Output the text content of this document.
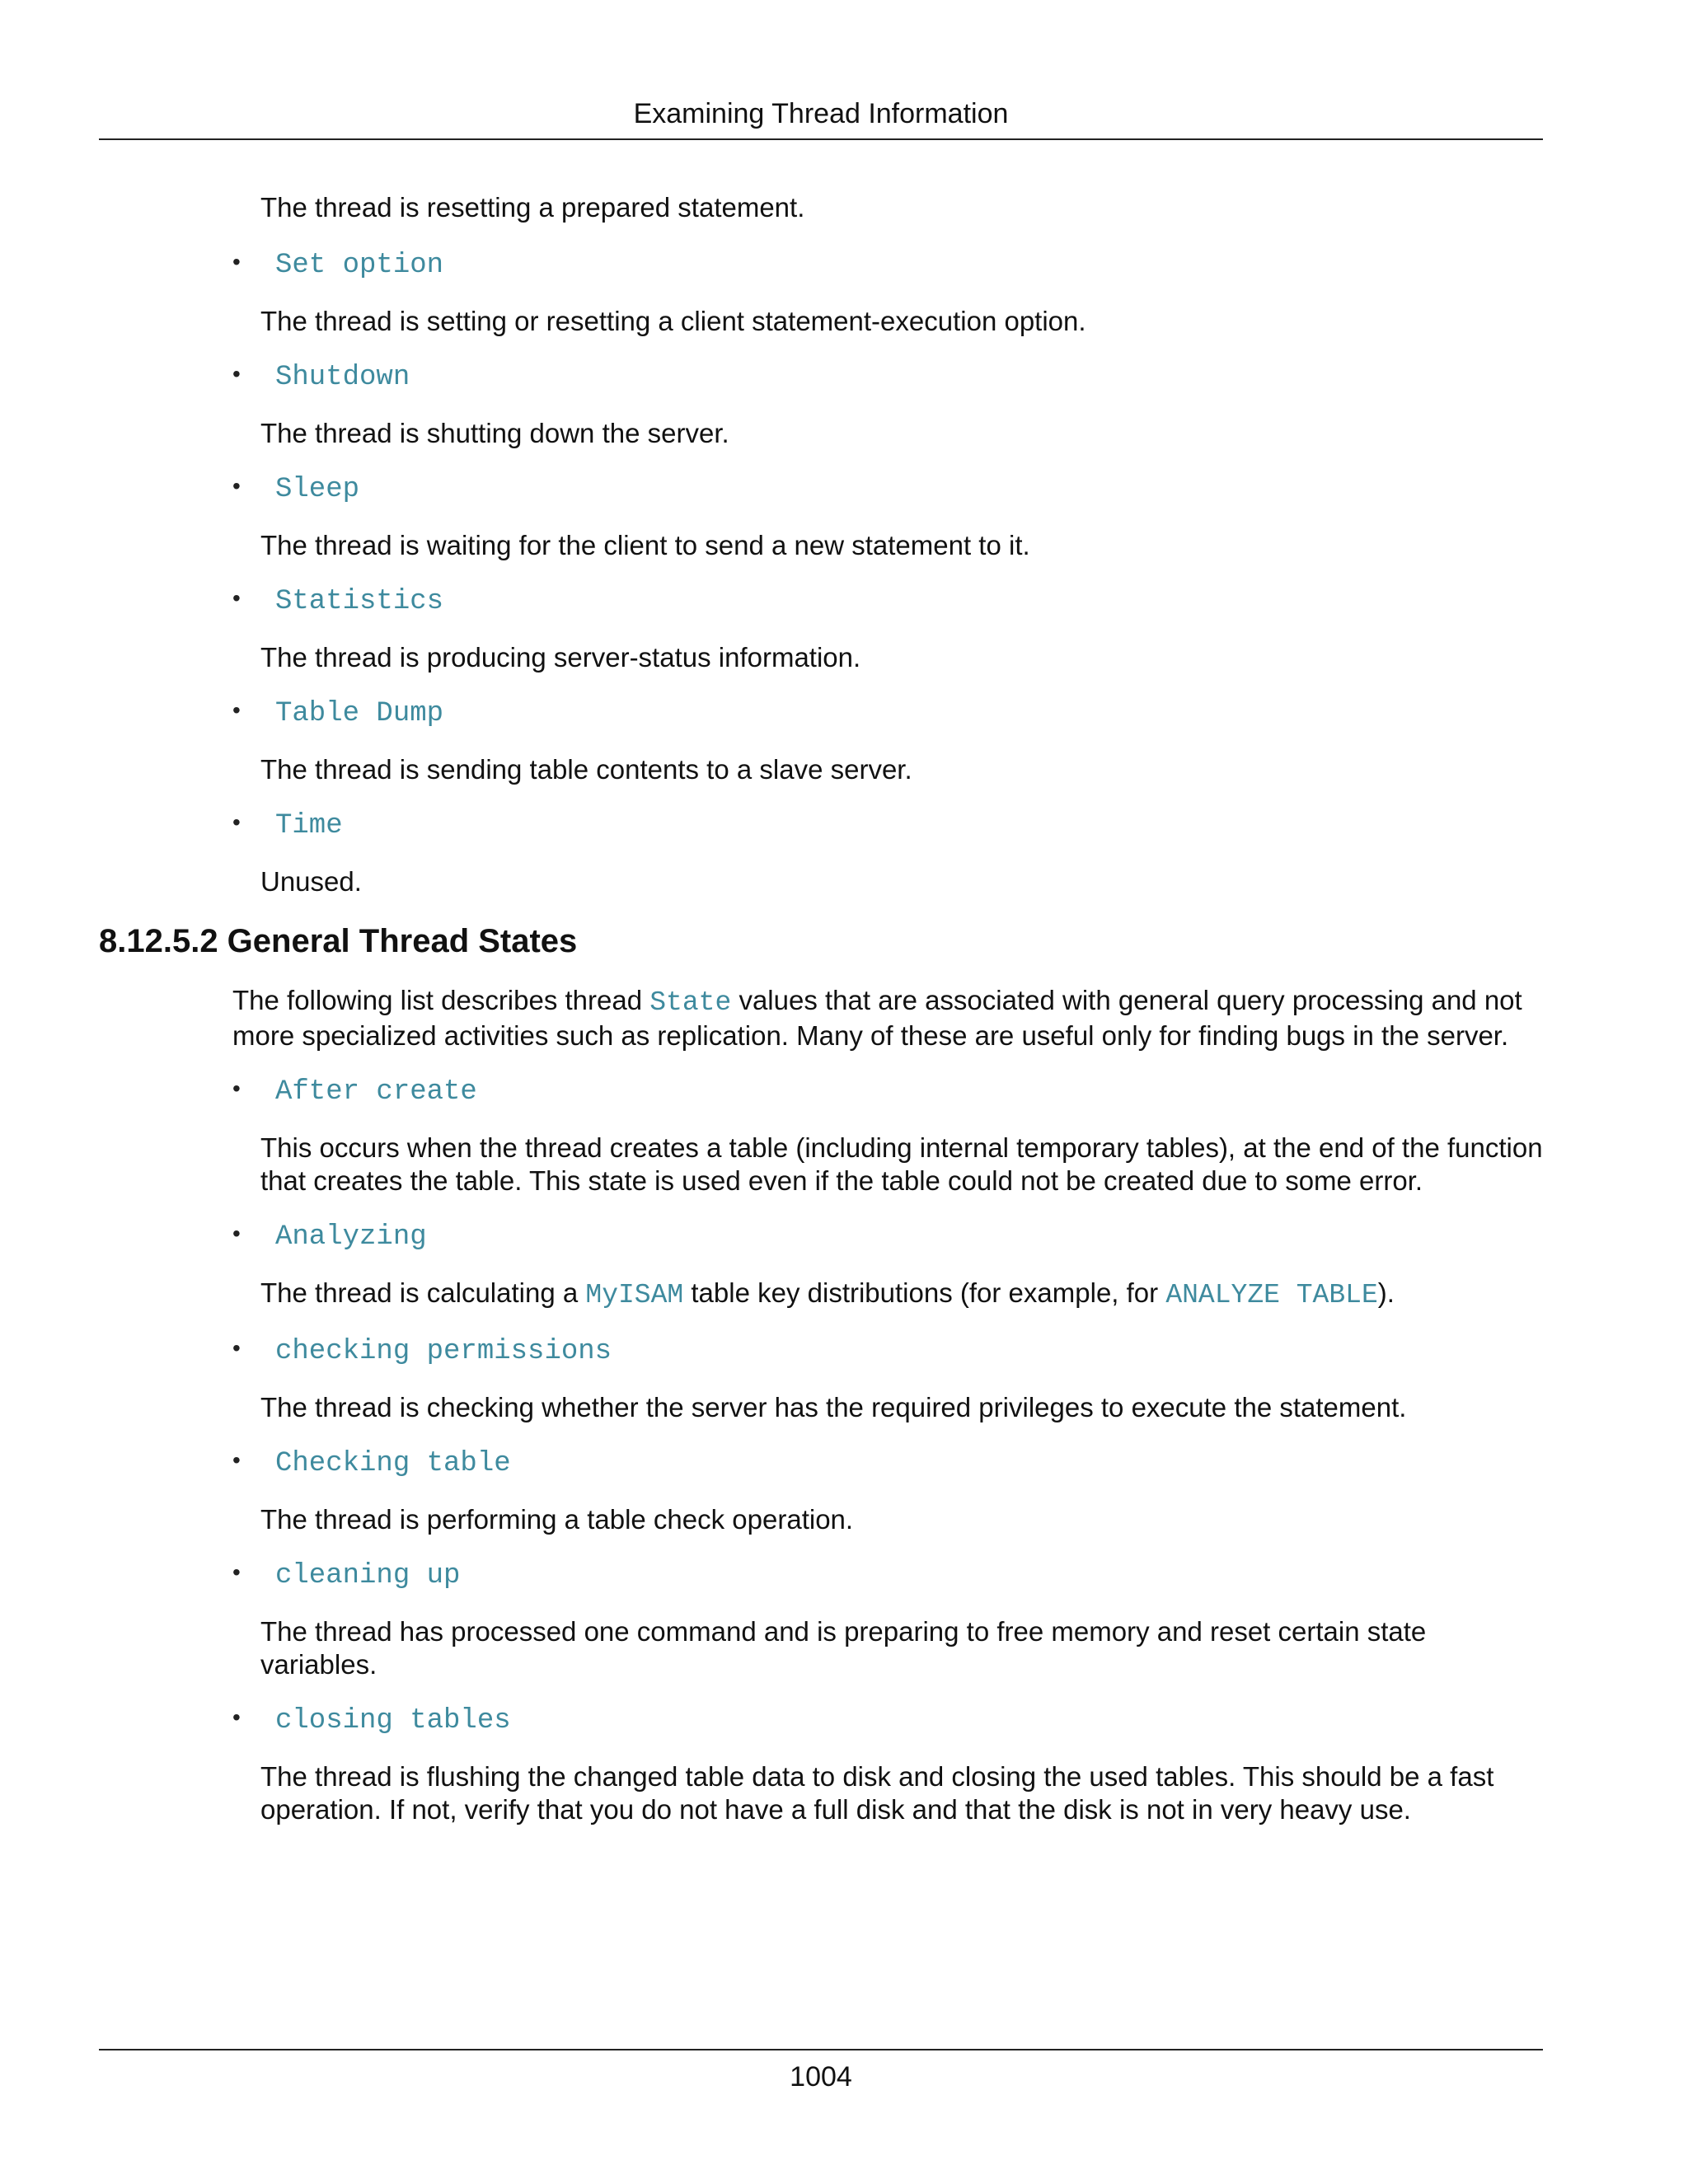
Examining Thread Information

The thread is resetting a prepared statement.

• Set option

The thread is setting or resetting a client statement-execution option.

• Shutdown

The thread is shutting down the server.

• Sleep

The thread is waiting for the client to send a new statement to it.

• Statistics

The thread is producing server-status information.

• Table Dump

The thread is sending table contents to a slave server.

• Time

Unused.

8.12.5.2 General Thread States

The following list describes thread State values that are associated with general query processing and not more specialized activities such as replication. Many of these are useful only for finding bugs in the server.

• After create

This occurs when the thread creates a table (including internal temporary tables), at the end of the function that creates the table. This state is used even if the table could not be created due to some error.

• Analyzing

The thread is calculating a MyISAM table key distributions (for example, for ANALYZE TABLE).

• checking permissions

The thread is checking whether the server has the required privileges to execute the statement.

• Checking table

The thread is performing a table check operation.

• cleaning up

The thread has processed one command and is preparing to free memory and reset certain state variables.

• closing tables

The thread is flushing the changed table data to disk and closing the used tables. This should be a fast operation. If not, verify that you do not have a full disk and that the disk is not in very heavy use.

1004
